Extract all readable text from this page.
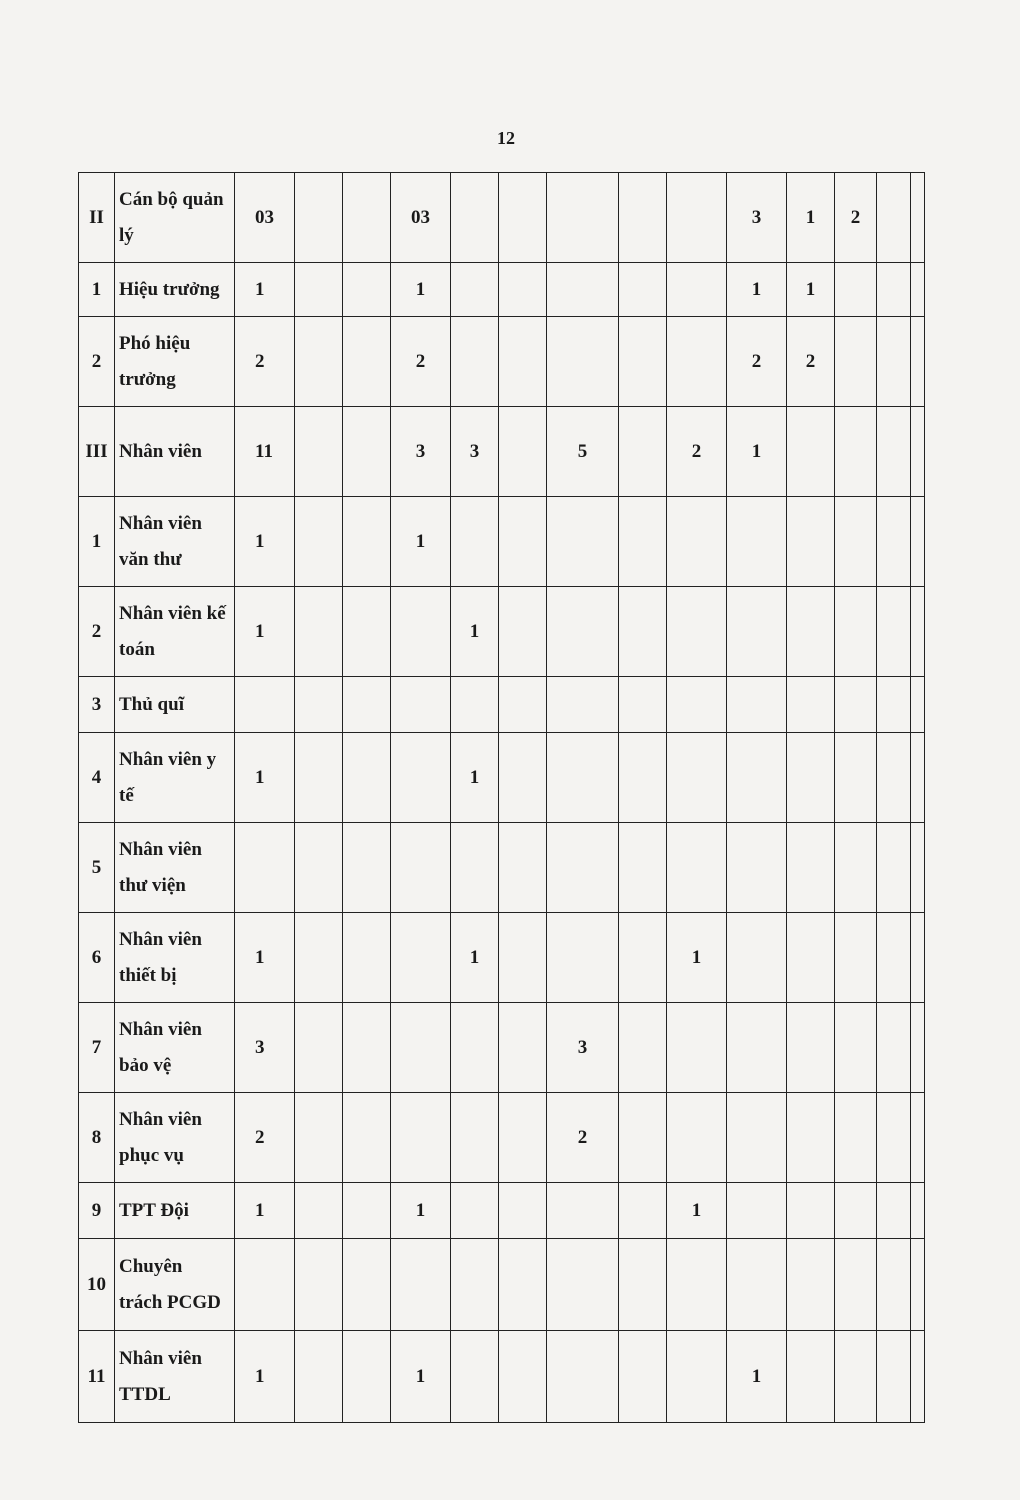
12
II	Cán bộ quản lý	03			03						3	1	2		
1	Hiệu trưởng	1			1						1	1			
2	Phó hiệu trưởng	2			2						2	2			
III	Nhân viên	11			3	3		5		2	1				
1	Nhân viên văn thư	1			1										
2	Nhân viên kế toán	1				1									
3	Thủ quĩ														
4	Nhân viên y tế	1				1									
5	Nhân viên thư viện														
6	Nhân viên thiết bị	1				1				1					
7	Nhân viên bảo vệ	3						3							
8	Nhân viên phục vụ	2						2							
9	TPT Đội	1			1					1					
10	Chuyên trách PCGD														
11	Nhân viên TTDL	1			1						1				
